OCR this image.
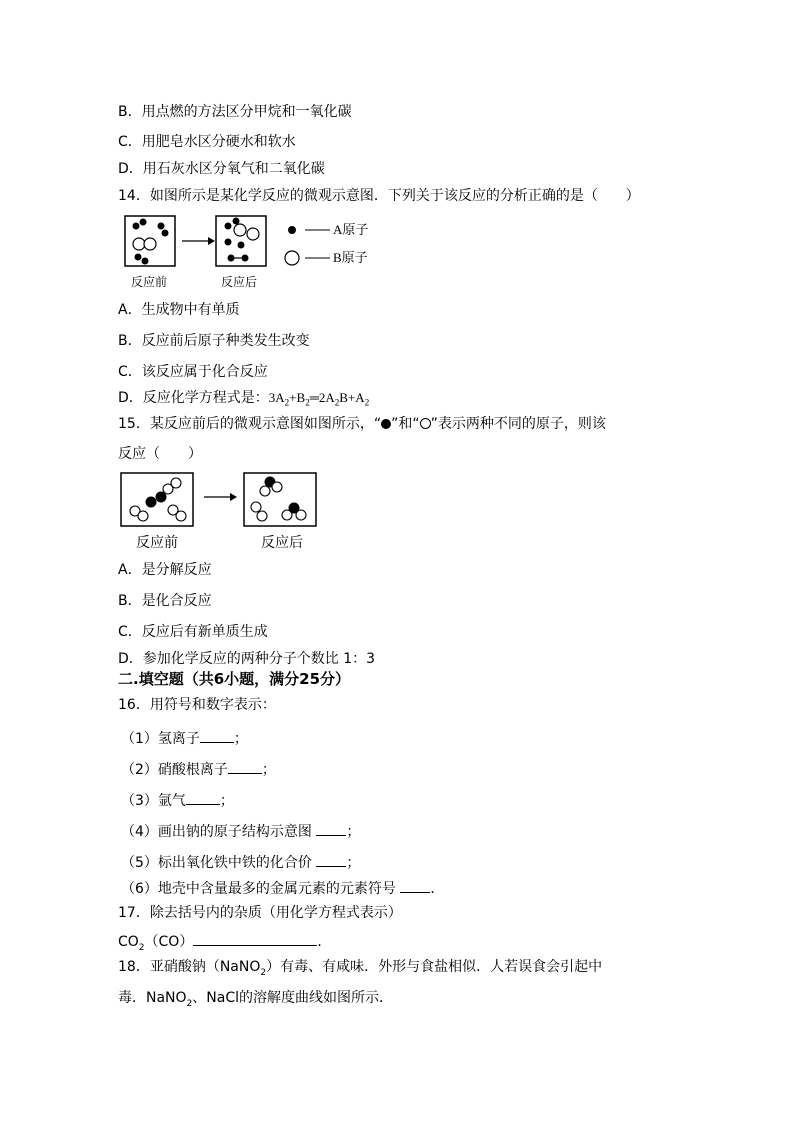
B．用点燃的方法区分甲烷和一氧化碳
C．用肥皂水区分硬水和软水
D．用石灰水区分氧气和二氧化碳
14．如图所示是某化学反应的微观示意图．下列关于该反应的分析正确的是（　　）
反应前	反应后
A原子
B原子
A．生成物中有单质
B．反应前后原子种类发生改变
C．该反应属于化合反应
D．反应化学方程式是：$3A_2+B_2═2A_2B+A_2$
15．某反应前后的微观示意图如图所示，“ ”和“ ”表示两种不同的原子，则该
反应（　　）
反应前	反应后
A．是分解反应
B．是化合反应
C．反应后有新单质生成
D．参加化学反应的两种分子个数比 1：3
二.填空题（共6小题，满分25分）
16．用符号和数字表示：
（1）氢离子 ；
（2）硝酸根离子 ；
（3）氩气 ；
（4）画出钠的原子结构示意图 ；
（5）标出氧化铁中铁的化合价 ；
（6）地壳中含量最多的金属元素的元素符号 ．
17．除去括号内的杂质（用化学方程式表示）
$CO_2(CO)$	．
18．亚硝酸钠（NaNO$_2$）有毒、有咸味．外形与食盐相似．人若误食会引起中
毒．NaNO$_2$、NaCl的溶解度曲线如图所示．
